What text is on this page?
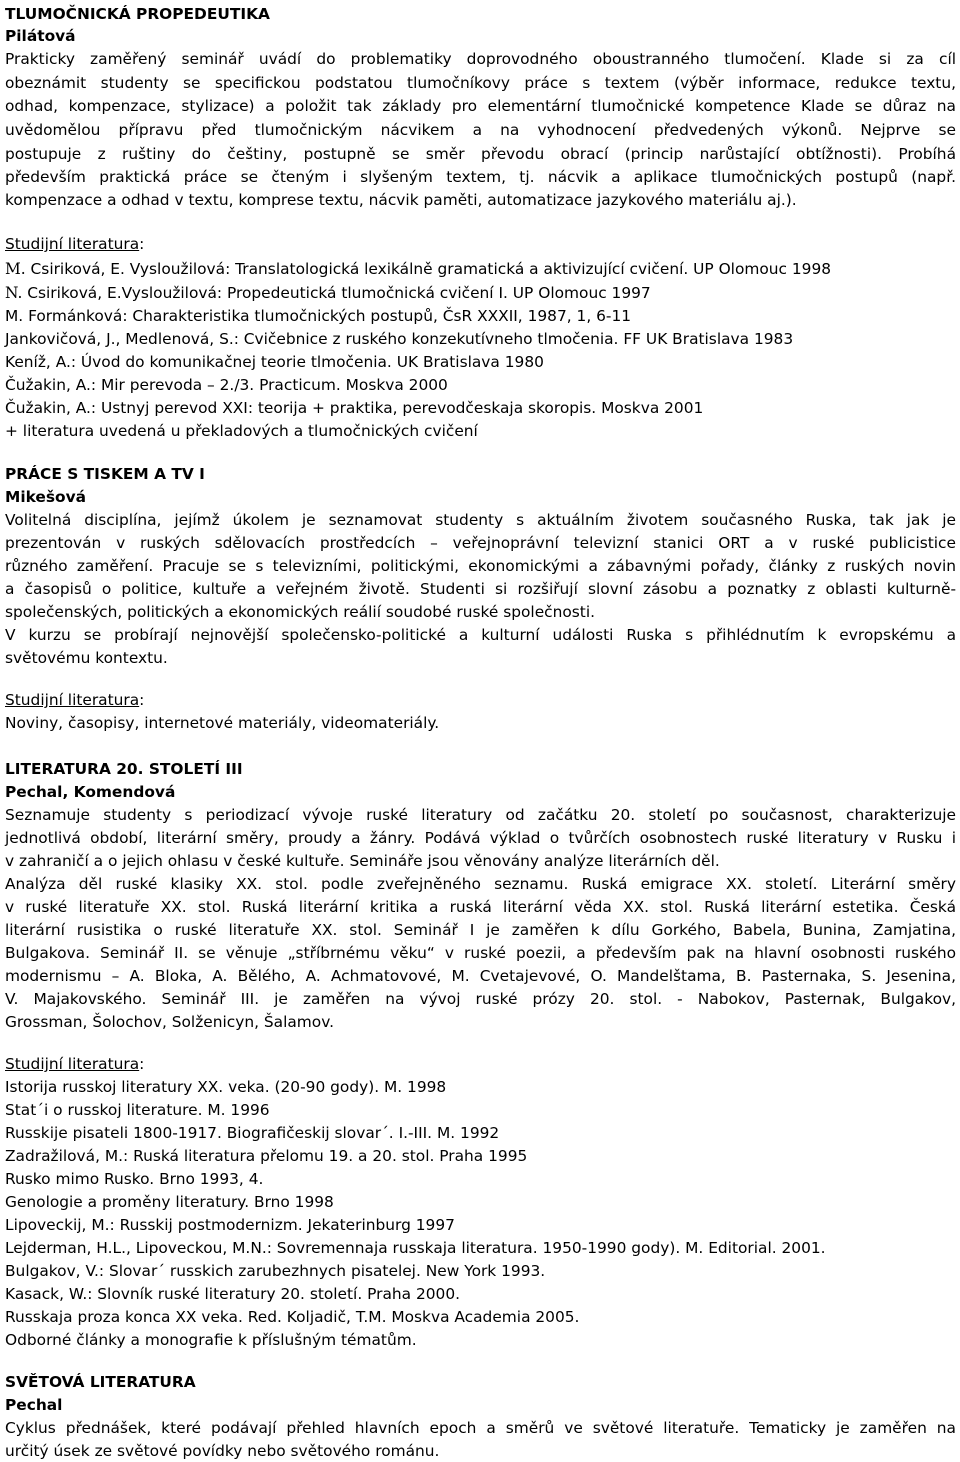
TLUMOČNICKÁ PROPEDEUTIKA
Pilátová
Prakticky zaměřený seminář uvádí do problematiky doprovodného oboustranného tlumočení. Klade si za cíl
obeznámit studenty se specifickou podstatou tlumočníkovy práce s textem (výběr informace, redukce textu,
odhad, kompenzace, stylizace) a položit tak základy pro elementární tlumočnické kompetence Klade se důraz na
uvědomělou přípravu před tlumočnickým nácvikem a na vyhodnocení předvedených výkonů. Nejprve se
postupuje z ruštiny do češtiny, postupně se směr převodu obrací (princip narůstající obtížnosti). Probíhá
především praktická práce se čteným i slyšeným textem, tj. nácvik a aplikace tlumočnických postupů (např.
kompenzace a odhad v textu, komprese textu, nácvik paměti, automatizace jazykového materiálu aj.).
Studijní literatura:
M. Csiriková, E. Vysloužilová: Translatologická lexikálně gramatická a aktivizující cvičení. UP Olomouc 1998
N. Csiriková, E.Vysloužilová: Propedeutická tlumočnická cvičení I. UP Olomouc 1997
M. Formánková: Charakteristika tlumočnických postupů, ČsR XXXII, 1987, 1, 6-11
Jankovičová, J., Medlenová, S.: Cvičebnice z ruského konzekutívneho tlmočenia. FF UK Bratislava 1983
Keníž, A.: Úvod do komunikačnej teorie tlmočenia. UK Bratislava 1980
Čužakin, A.: Mir perevoda – 2./3. Practicum. Moskva 2000
Čužakin, A.: Ustnyj perevod XXI: teorija + praktika, perevodčeskaja skoropis. Moskva 2001
+ literatura uvedená u překladových a tlumočnických cvičení
PRÁCE S TISKEM A TV I
Mikešová
Volitelná disciplína, jejímž úkolem je seznamovat studenty s aktuálním životem současného Ruska, tak jak je
prezentován v ruských sdělovacích prostředcích – veřejnoprávní televizní stanici ORT a v ruské publicistice
různého zaměření. Pracuje se s televizními, politickými, ekonomickými a zábavnými pořady, články z ruských novin
a časopisů o politice, kultuře a veřejném životě. Studenti si rozšiřují slovní zásobu a poznatky z oblasti kulturně-
společenských, politických a ekonomických reálií soudobé ruské společnosti.
V kurzu se probírají nejnovější společensko-politické a kulturní události Ruska s přihlédnutím k evropskému a
světovému kontextu.
Studijní literatura:
Noviny, časopisy, internetové materiály, videomateriály.
LITERATURA 20. STOLETÍ III
Pechal, Komendová
Seznamuje studenty s periodizací vývoje ruské literatury od začátku 20. století po současnost, charakterizuje
jednotlivá období, literární směry, proudy a žánry. Podává výklad o tvůrčích osobnostech ruské literatury v Rusku i
v zahraničí a o jejich ohlasu v české kultuře. Semináře jsou věnovány analýze literárních děl.
Analýza děl ruské klasiky XX. stol. podle zveřejněného seznamu. Ruská emigrace XX. století. Literární směry
v ruské literatuře XX. stol. Ruská literární kritika a ruská literární věda XX. stol. Ruská literární estetika. Česká
literární rusistika o ruské literatuře XX. stol. Seminář I je zaměřen k dílu Gorkého, Babela, Bunina, Zamjatina,
Bulgakova. Seminář II. se věnuje „stříbrnému věku“ v ruské poezii, a především pak na hlavní osobnosti ruského
modernismu – A. Bloka, A. Bělého, A. Achmatovové, M. Cvetajevové, O. Mandelštama, B. Pasternaka, S. Jesenina,
V. Majakovského. Seminář III. je zaměřen na vývoj ruské prózy 20. stol. - Nabokov, Pasternak, Bulgakov,
Grossman, Šolochov, Solženicyn, Šalamov.
Studijní literatura:
Istorija russkoj literatury XX. veka. (20-90 gody). M. 1998
Stat´i o russkoj literature. M. 1996
Russkije pisateli 1800-1917. Biografičeskij slovar´. I.-III. M. 1992
Zadražilová, M.: Ruská literatura přelomu 19. a 20. stol. Praha 1995
Rusko mimo Rusko. Brno 1993, 4.
Genologie a proměny literatury. Brno 1998
Lipoveckij, M.: Russkij postmodernizm. Jekaterinburg 1997
Lejderman, H.L., Lipoveckou, M.N.: Sovremennaja russkaja literatura. 1950-1990 gody). M. Editorial. 2001.
Bulgakov, V.: Slovar´ russkich zarubezhnych pisatelej. New York 1993.
Kasack, W.: Slovník ruské literatury 20. století. Praha 2000.
Russkaja proza konca XX veka. Red. Koljadič, T.M. Moskva Academia 2005.
Odborné články a monografie k příslušným tématům.
SVĚTOVÁ LITERATURA
Pechal
Cyklus přednášek, které podávají přehled hlavních epoch a směrů ve světové literatuře. Tematicky je zaměřen na
určitý úsek ze světové povídky nebo světového románu.
